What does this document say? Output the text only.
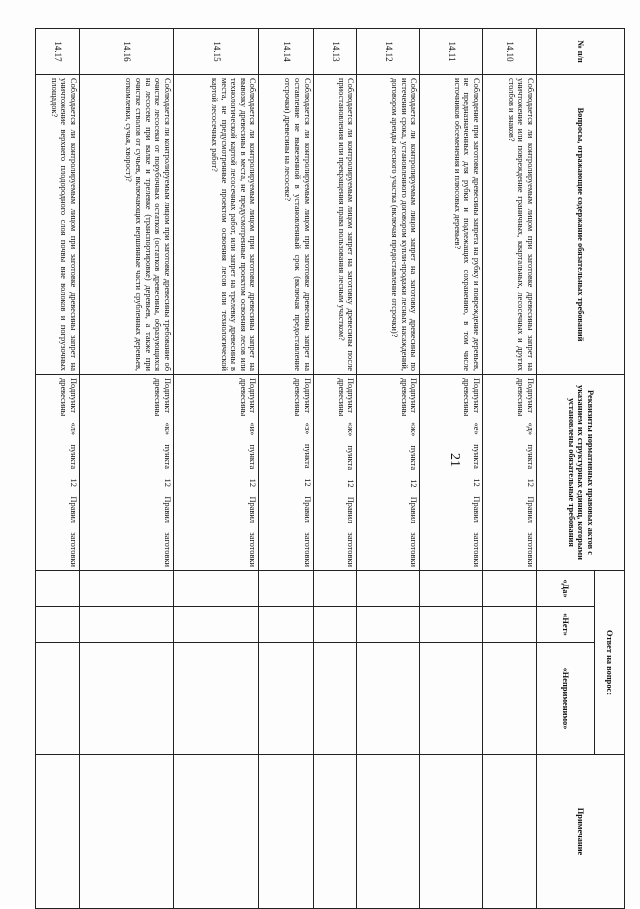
21
№ п/п	Вопросы, отражающие содержание обязательных требований	Реквизиты нормативных правовых актов с указанием их структурных единиц, которыми установлены обязательные требования	Ответ на вопрос:			Примечание
			«Да»	«Нет»	«Неприменимо»	
14.10	Соблюдается ли контролируемым лицом при заготовке древесины запрет на уничтожение или повреждение граничных, квартальных, лесосечных и других столбов и знаков?	Подпункт «д» пункта 12 Правил заготовки древесины				
14.11	Соблюдение при заготовке древесины запрета на рубку и повреждение деревьев, не предназначенных для рубки и подлежащих сохранению, в том числе источников обсеменения и плюсовых деревьев?	Подпункт «е» пункта 12 Правил заготовки древесины				
14.12	Соблюдается ли контролируемым лицом запрет на заготовку древесины по истечении срока, установленного договором купли-продажи лесных насаждений, договором аренды лесного участка (включая предоставление отсрочки)?	Подпункт «ж» пункта 12 Правил заготовки древесины				
14.13	Соблюдается ли контролируемым лицом запрет на заготовку древесины после приостановления или прекращения права пользования лесным участком?	Подпункт «ж» пункта 12 Правил заготовки древесины				
14.14	Соблюдается ли контролируемым лицом при заготовке древесины запрет на оставление не вывезенной в установленный срок (включая предоставление отсрочки) древесины на лесосеке?	Подпункт «з» пункта 12 Правил заготовки древесины				
14.15	Соблюдается ли контролируемым лицом при заготовке древесины запрет на вывозку древесины в места, не предусмотренные проектом освоения лесов или технологической картой лесосечных работ, или запрет на трелевку древесины в места, не предусмотренные проектом освоения лесов или технологической картой лесосечных работ?	Подпункт «и» пункта 12 Правил заготовки древесины				
14.16	Соблюдается ли контролируемым лицом при заготовке древесины требование об очистке лесосеки от порубочных остатков (остатков древесины, образующихся на лесосеке при валке и трелевке (транспортировке) деревьев, а также при очистке стволов от сучьев, включающих вершинные части срубленных деревьев, откомлевки, сучья, хворост)?	Подпункт «к» пункта 12 Правил заготовки древесины				
14.17	Соблюдается ли контролируемым лицом при заготовке древесины запрет на уничтожение верхнего плодородного слоя почвы вне волоков и погрузочных площадок?	Подпункт «л» пункта 12 Правил заготовки древесины				
